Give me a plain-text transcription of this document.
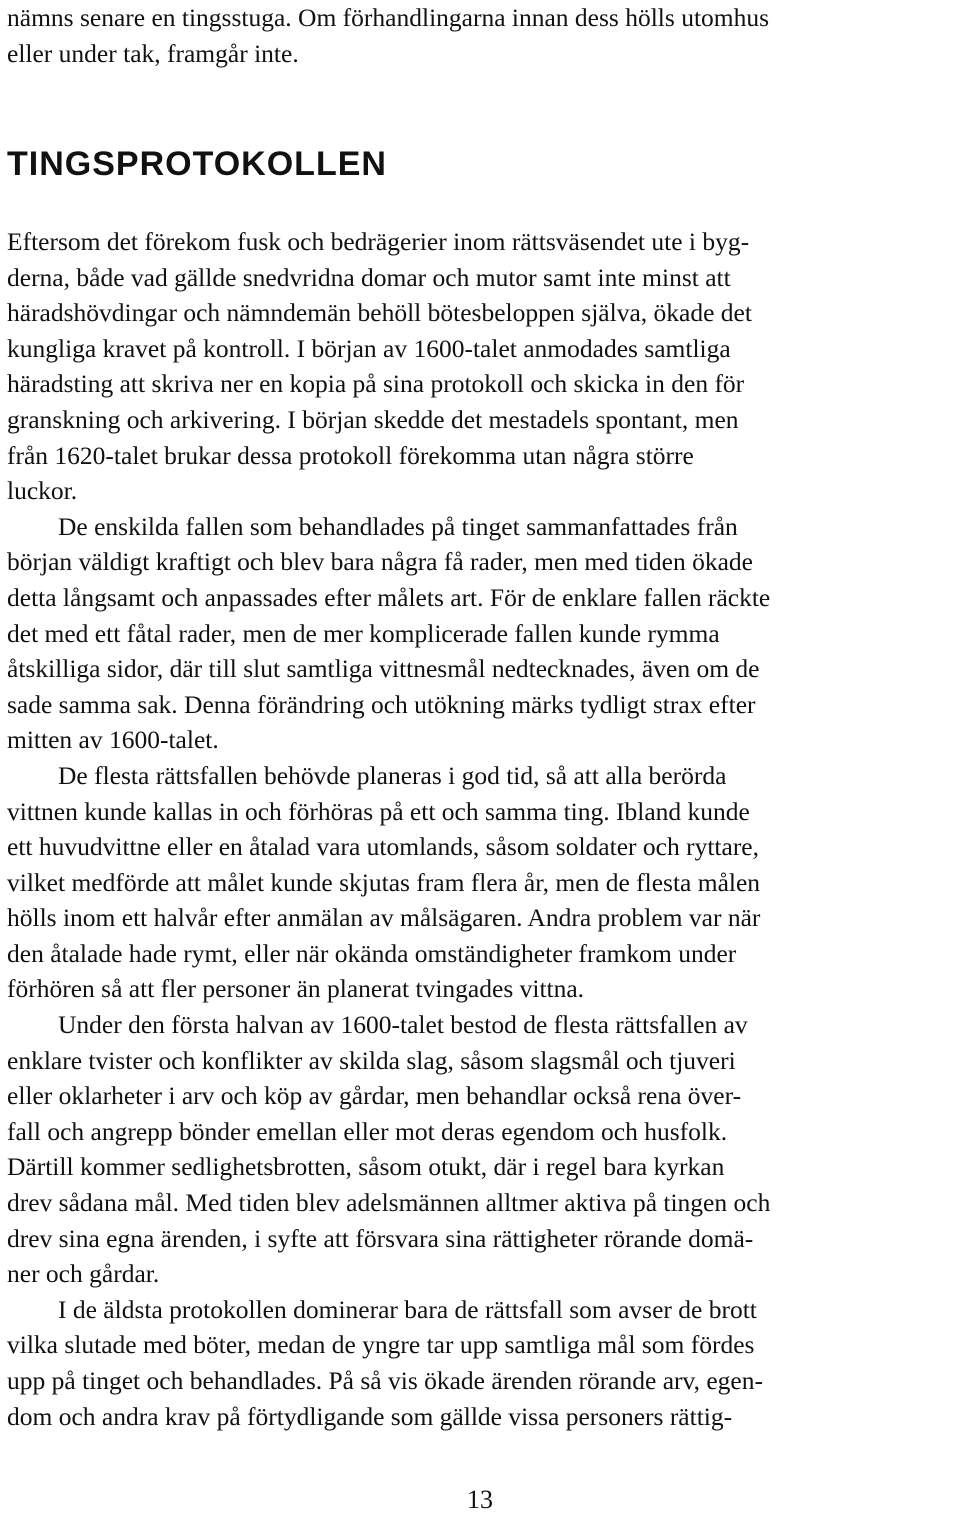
nämns senare en tingsstuga. Om förhandlingarna innan dess hölls utomhus

eller under tak, framgår inte.

TINGSPROTOKOLLEN

Eftersom det förekom fusk och bedrägerier inom rättsväsendet ute i byg-

derna, både vad gällde snedvridna domar och mutor samt inte minst att

häradshövdingar och nämndemän behöll bötesbeloppen själva, ökade det

kungliga kravet på kontroll. I början av 1600-talet anmodades samtliga

häradsting att skriva ner en kopia på sina protokoll och skicka in den för

granskning och arkivering. I början skedde det mestadels spontant, men

från 1620-talet brukar dessa protokoll förekomma utan några större

luckor.

De enskilda fallen som behandlades på tinget sammanfattades från

början väldigt kraftigt och blev bara några få rader, men med tiden ökade

detta långsamt och anpassades efter målets art. För de enklare fallen räckte

det med ett fåtal rader, men de mer komplicerade fallen kunde rymma

åtskilliga sidor, där till slut samtliga vittnesmål nedtecknades, även om de

sade samma sak. Denna förändring och utökning märks tydligt strax efter

mitten av 1600-talet.

De flesta rättsfallen behövde planeras i god tid, så att alla berörda

vittnen kunde kallas in och förhöras på ett och samma ting. Ibland kunde

ett huvudvittne eller en åtalad vara utomlands, såsom soldater och ryttare,

vilket medförde att målet kunde skjutas fram flera år, men de flesta målen

hölls inom ett halvår efter anmälan av målsägaren. Andra problem var när

den åtalade hade rymt, eller när okända omständigheter framkom under

förhören så att fler personer än planerat tvingades vittna.

Under den första halvan av 1600-talet bestod de flesta rättsfallen av

enklare tvister och konflikter av skilda slag, såsom slagsmål och tjuveri

eller oklarheter i arv och köp av gårdar, men behandlar också rena över-

fall och angrepp bönder emellan eller mot deras egendom och husfolk.

Därtill kommer sedlighetsbrotten, såsom otukt, där i regel bara kyrkan

drev sådana mål. Med tiden blev adelsmännen alltmer aktiva på tingen och

drev sina egna ärenden, i syfte att försvara sina rättigheter rörande domä-

ner och gårdar.

I de äldsta protokollen dominerar bara de rättsfall som avser de brott

vilka slutade med böter, medan de yngre tar upp samtliga mål som fördes

upp på tinget och behandlades. På så vis ökade ärenden rörande arv, egen-

dom och andra krav på förtydligande som gällde vissa personers rättig-

13
